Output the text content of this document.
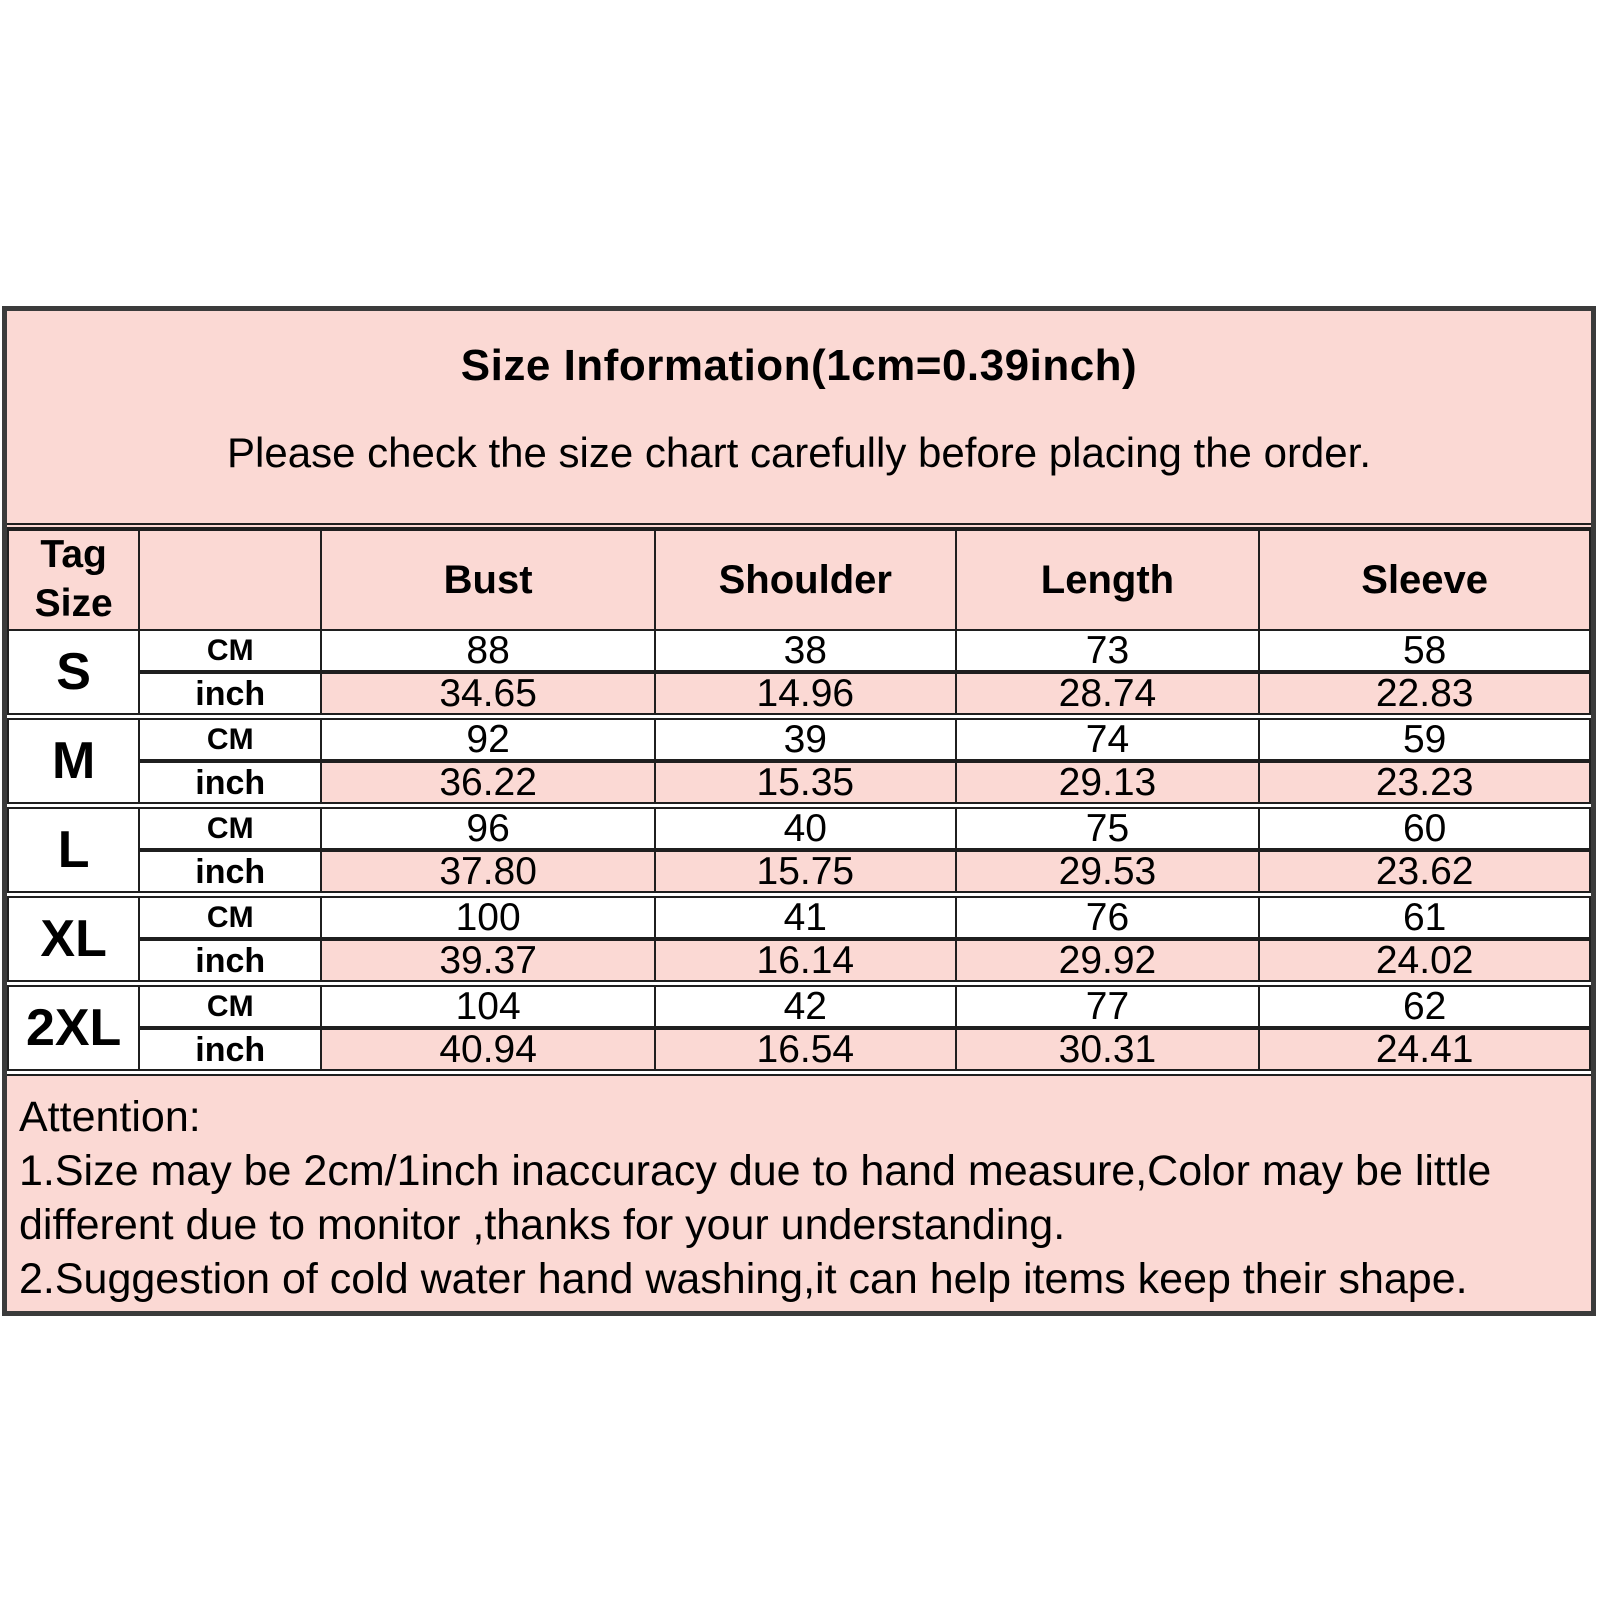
Size Information(1cm=0.39inch)
Please check the size chart carefully before placing the order.
Tag
Size		Bust	Shoulder	Length	Sleeve
S	CM	88	38	73	58
	inch	34.65	14.96	28.74	22.83
M	CM	92	39	74	59
	inch	36.22	15.35	29.13	23.23
L	CM	96	40	75	60
	inch	37.80	15.75	29.53	23.62
XL	CM	100	41	76	61
	inch	39.37	16.14	29.92	24.02
2XL	CM	104	42	77	62
	inch	40.94	16.54	30.31	24.41
Attention:
1.Size may be 2cm/1inch inaccuracy due to hand measure,Color may be little
different due to monitor ,thanks for your understanding.
2.Suggestion of cold water hand washing,it can help items keep their shape.
